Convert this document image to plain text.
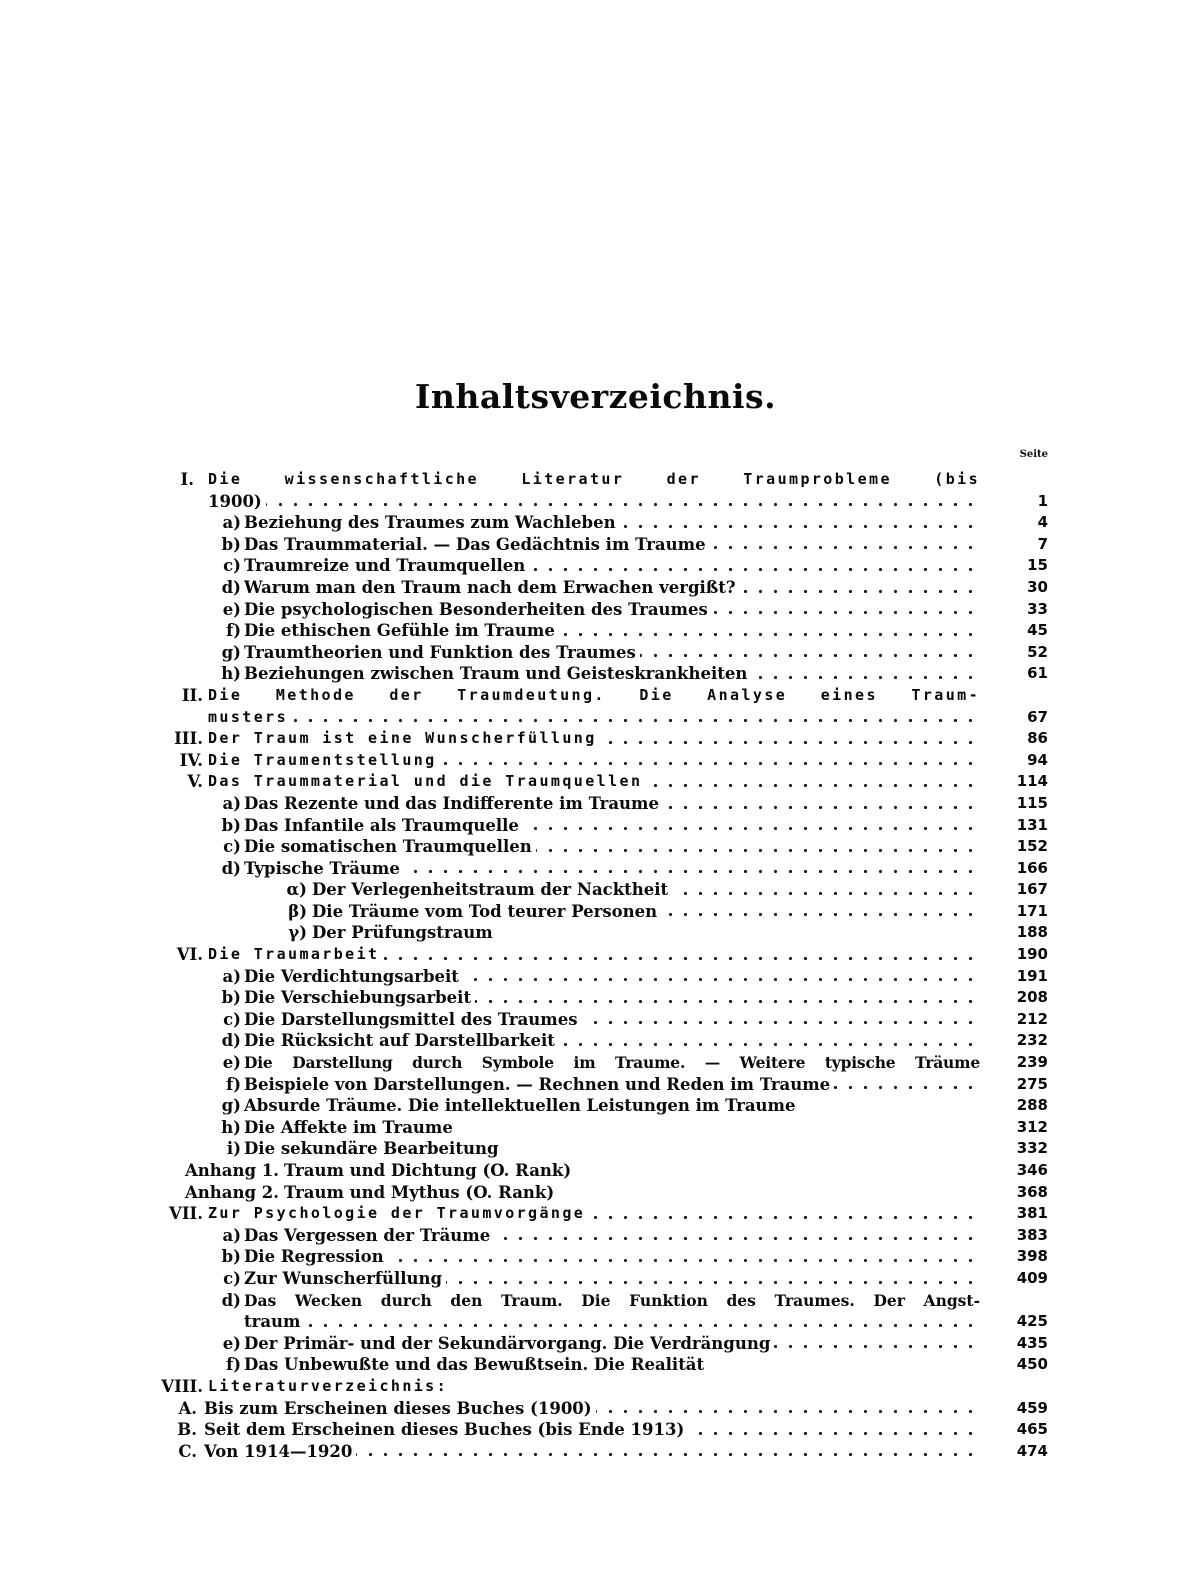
Inhaltsverzeichnis.
Seite
I. Die wissenschaftliche Literatur der Traumprobleme (bis
1900)	1
a) Beziehung des Traumes zum Wachleben	4
b) Das Traummaterial. — Das Gedächtnis im Traume	7
c) Traumreize und Traumquellen	15
d) Warum man den Traum nach dem Erwachen vergißt?	30
e) Die psychologischen Besonderheiten des Traumes	33
f) Die ethischen Gefühle im Traume	45
g) Traumtheorien und Funktion des Traumes	52
h) Beziehungen zwischen Traum und Geisteskrankheiten	61
II. Die Methode der Traumdeutung. Die Analyse eines Traum-
musters	67
III. Der Traum ist eine Wunscherfüllung	86
IV. Die Traumentstellung	94
V. Das Traummaterial und die Traumquellen	114
a) Das Rezente und das Indifferente im Traume	115
b) Das Infantile als Traumquelle	131
c) Die somatischen Traumquellen	152
d) Typische Träume	166
α) Der Verlegenheitstraum der Nacktheit	167
β) Die Träume vom Tod teurer Personen	171
γ) Der Prüfungstraum	188
VI. Die Traumarbeit	190
a) Die Verdichtungsarbeit	191
b) Die Verschiebungsarbeit	208
c) Die Darstellungsmittel des Traumes	212
d) Die Rücksicht auf Darstellbarkeit	232
e) Die Darstellung durch Symbole im Traume. — Weitere typische Träume	239
f) Beispiele von Darstellungen. — Rechnen und Reden im Traume	275
g) Absurde Träume. Die intellektuellen Leistungen im Traume	288
h) Die Affekte im Traume	312
i) Die sekundäre Bearbeitung	332
Anhang 1. Traum und Dichtung (O. Rank)	346
Anhang 2. Traum und Mythus (O. Rank)	368
VII. Zur Psychologie der Traumvorgänge	381
a) Das Vergessen der Träume	383
b) Die Regression	398
c) Zur Wunscherfüllung	409
d) Das Wecken durch den Traum. Die Funktion des Traumes. Der Angst-
traum	425
e) Der Primär- und der Sekundärvorgang. Die Verdrängung	435
f) Das Unbewußte und das Bewußtsein. Die Realität	450
VIII. Literaturverzeichnis:
A. Bis zum Erscheinen dieses Buches (1900)	459
B. Seit dem Erscheinen dieses Buches (bis Ende 1913)	465
C. Von 1914—1920	474
